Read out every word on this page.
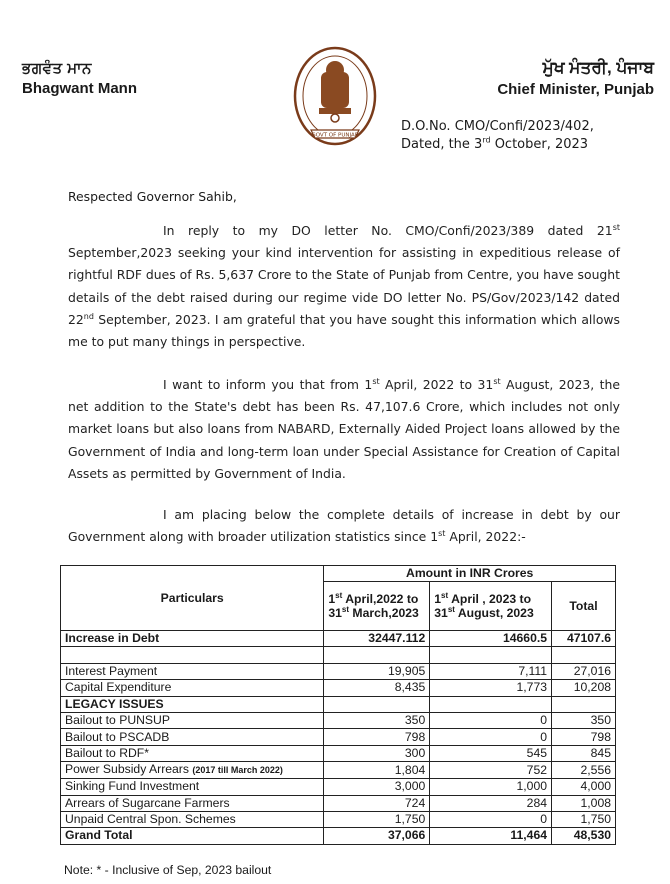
ਭਗਵੰਤ ਮਾਨ
Bhagwant Mann
GOVT OF PUNJAB
ਮੁੱਖ ਮੰਤਰੀ, ਪੰਜਾਬ
Chief Minister, Punjab
D.O.No. CMO/Confi/2023/402,
Dated, the 3rd October, 2023
Respected Governor Sahib,
In reply to my DO letter No. CMO/Confi/2023/389 dated 21st September,2023 seeking your kind intervention for assisting in expeditious release of rightful RDF dues of Rs. 5,637 Crore to the State of Punjab from Centre, you have sought details of the debt raised during our regime vide DO letter No. PS/Gov/2023/142 dated 22nd September, 2023. I am grateful that you have sought this information which allows me to put many things in perspective.
I want to inform you that from 1st April, 2022 to 31st August, 2023, the net addition to the State's debt has been Rs. 47,107.6 Crore, which includes not only market loans but also loans from NABARD, Externally Aided Project loans allowed by the Government of India and long-term loan under Special Assistance for Creation of Capital Assets as permitted by Government of India.
I am placing below the complete details of increase in debt by our Government along with broader utilization statistics since 1st April, 2022:-
Particulars	Amount in INR Crores		
	1st April,2022 to 31st March,2023	1st April , 2023 to 31st August, 2023	Total
Increase in Debt	32447.112	14660.5	47107.6

Interest Payment	19,905	7,111	27,016
Capital Expenditure	8,435	1,773	10,208
LEGACY ISSUES			
Bailout to PUNSUP	350	0	350
Bailout to PSCADB	798	0	798
Bailout to RDF*	300	545	845
Power Subsidy Arrears (2017 till March 2022)	1,804	752	2,556
Sinking Fund Investment	3,000	1,000	4,000
Arrears of Sugarcane Farmers	724	284	1,008
Unpaid Central Spon. Schemes	1,750	0	1,750
Grand Total	37,066	11,464	48,530
Note: * - Inclusive of Sep, 2023 bailout
